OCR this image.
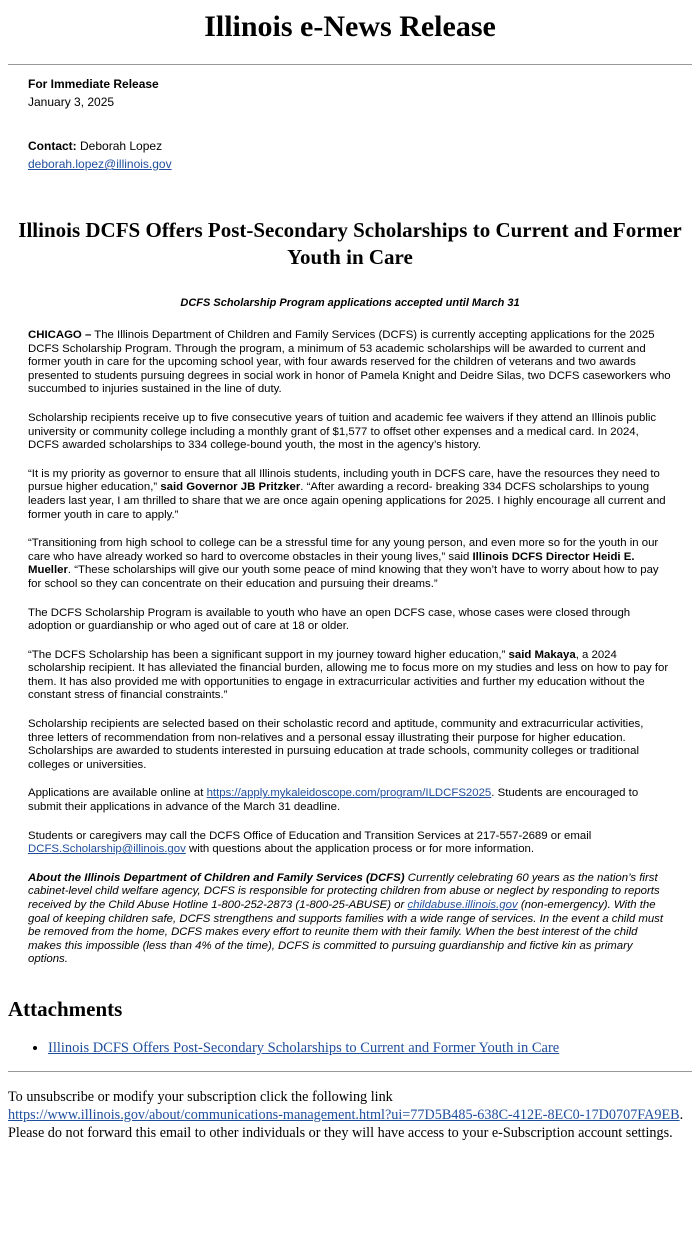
Illinois e-News Release
For Immediate Release
January 3, 2025
Contact: Deborah Lopez
deborah.lopez@illinois.gov
Illinois DCFS Offers Post-Secondary Scholarships to Current and Former Youth in Care
DCFS Scholarship Program applications accepted until March 31

CHICAGO – The Illinois Department of Children and Family Services (DCFS) is currently accepting applications for the 2025 DCFS Scholarship Program. Through the program, a minimum of 53 academic scholarships will be awarded to current and former youth in care for the upcoming school year, with four awards reserved for the children of veterans and two awards presented to students pursuing degrees in social work in honor of Pamela Knight and Deidre Silas, two DCFS caseworkers who succumbed to injuries sustained in the line of duty.

Scholarship recipients receive up to five consecutive years of tuition and academic fee waivers if they attend an Illinois public university or community college including a monthly grant of $1,577 to offset other expenses and a medical card. In 2024, DCFS awarded scholarships to 334 college-bound youth, the most in the agency’s history.

“It is my priority as governor to ensure that all Illinois students, including youth in DCFS care, have the resources they need to pursue higher education,” said Governor JB Pritzker. “After awarding a record- breaking 334 DCFS scholarships to young leaders last year, I am thrilled to share that we are once again opening applications for 2025. I highly encourage all current and former youth in care to apply.”

“Transitioning from high school to college can be a stressful time for any young person, and even more so for the youth in our care who have already worked so hard to overcome obstacles in their young lives,” said Illinois DCFS Director Heidi E. Mueller. “These scholarships will give our youth some peace of mind knowing that they won’t have to worry about how to pay for school so they can concentrate on their education and pursuing their dreams.”

The DCFS Scholarship Program is available to youth who have an open DCFS case, whose cases were closed through adoption or guardianship or who aged out of care at 18 or older.

“The DCFS Scholarship has been a significant support in my journey toward higher education,” said Makaya, a 2024 scholarship recipient. It has alleviated the financial burden, allowing me to focus more on my studies and less on how to pay for them. It has also provided me with opportunities to engage in extracurricular activities and further my education without the constant stress of financial constraints.”

Scholarship recipients are selected based on their scholastic record and aptitude, community and extracurricular activities, three letters of recommendation from non-relatives and a personal essay illustrating their purpose for higher education. Scholarships are awarded to students interested in pursuing education at trade schools, community colleges or traditional colleges or universities.

Applications are available online at https://apply.mykaleidoscope.com/program/ILDCFS2025. Students are encouraged to submit their applications in advance of the March 31 deadline.

Students or caregivers may call the DCFS Office of Education and Transition Services at 217-557-2689 or email DCFS.Scholarship@illinois.gov with questions about the application process or for more information.

About the Illinois Department of Children and Family Services (DCFS) Currently celebrating 60 years as the nation’s first cabinet-level child welfare agency, DCFS is responsible for protecting children from abuse or neglect by responding to reports received by the Child Abuse Hotline 1-800-252-2873 (1-800-25-ABUSE) or childabuse.illinois.gov (non-emergency). With the goal of keeping children safe, DCFS strengthens and supports families with a wide range of services. In the event a child must be removed from the home, DCFS makes every effort to reunite them with their family. When the best interest of the child makes this impossible (less than 4% of the time), DCFS is committed to pursuing guardianship and fictive kin as primary options.

Attachments
• Illinois DCFS Offers Post-Secondary Scholarships to Current and Former Youth in Care
To unsubscribe or modify your subscription click the following link
https://www.illinois.gov/about/communications-management.html?ui=77D5B485-638C-412E-8EC0-17D0707FA9EB. Please do not forward this email to other individuals or they will have access to your e-Subscription account settings.
